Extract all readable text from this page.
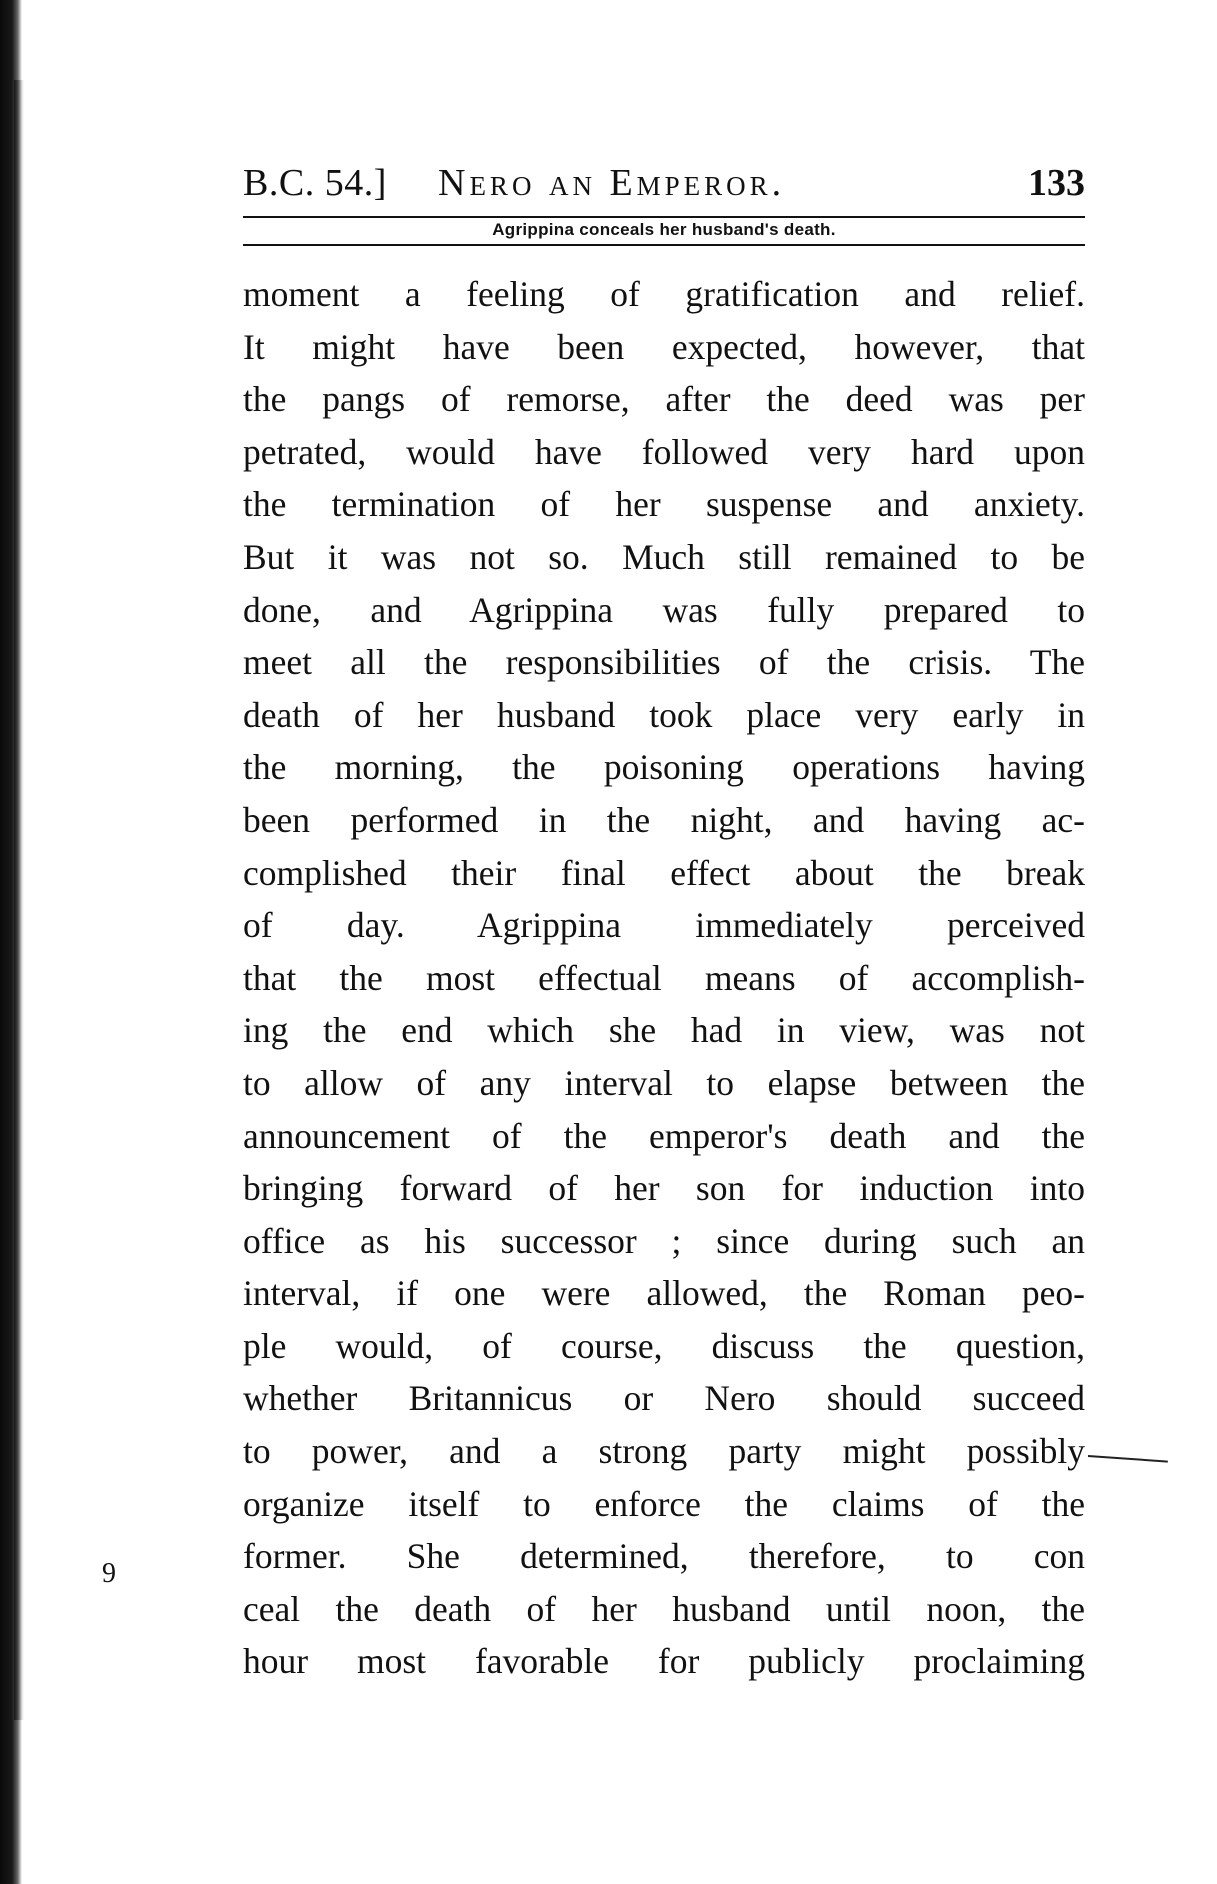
B.C. 54.] Nero an Emperor.	133
Agrippina conceals her husband's death.
moment a feeling of gratification and relief.
It might have been expected, however, that
the pangs of remorse, after the deed was per
petrated, would have followed very hard upon
the termination of her suspense and anxiety.
But it was not so. Much still remained to be
done, and Agrippina was fully prepared to
meet all the responsibilities of the crisis. The
death of her husband took place very early in
the morning, the poisoning operations having
been performed in the night, and having ac-
complished their final effect about the break
of day. Agrippina immediately perceived
that the most effectual means of accomplish-
ing the end which she had in view, was not
to allow of any interval to elapse between the
announcement of the emperor's death and the
bringing forward of her son for induction into
office as his successor ; since during such an
interval, if one were allowed, the Roman peo-
ple would, of course, discuss the question,
whether Britannicus or Nero should succeed
to power, and a strong party might possibly
organize itself to enforce the claims of the
former. She determined, therefore, to con
ceal the death of her husband until noon, the
hour most favorable for publicly proclaiming
9
